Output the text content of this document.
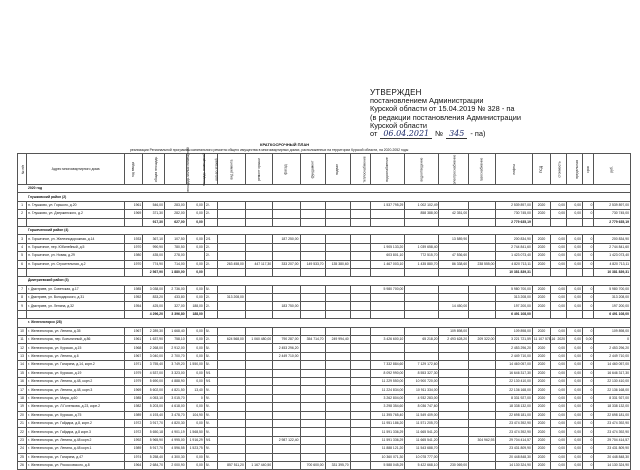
УТВЕРЖДЕН
постановлением Администрации
Курской области от 15.04.2019 № 328 - па
(в редакции постановления Администрации
Курской области
от 06.04.2021 № 345 - па)
КРАТКОСРОЧНЫЙ ПЛАН
реализации Региональной программы капитального ремонта общего имущества в многоквартирных домах, расположенных на территории Курской области, на 2020-2052 годы
№ п/п	Адрес многоквартирного дома	год ввода	общая площадь	площадь жилых помещений	площадь помещений	кол-во этажей	вид ремонта	ремонт крыши	фасад	фундамент	подвал	теплоснабжение	водоснабжение	водоотведение	электроснабжение	газоснабжение	лифты	ПСД	стоимость	предельная	срок	руб.
2020 год																						
Глушковский район (2)																						
1	п. Глушково, ул. Горького, д.20	1961	546,00	283,00	0,00	2/-							1 537 795,29	1 002 102,49			2 539 897,00	2020	0,00	0,00	0	2 539 897,00
2	п. Глушково, ул. Дзержинского, д.2	1969	371,30	282,00	0,00	2/-								858 388,00	42 351,00		730 745,00	2020	0,00	0,00	0	730 745,00
			917,30	627,00	0,00												2 779 635,19					2 779 635,19
Горшеченский район (4)																						
3	п. Горшечное, ул. Железнодорожная, д.14	1933	367,10	107,50	0,00	2/1			187 250,00						13 589,90		200 834,90	2020	0,00	0,00	0	200 834,90
4	п. Горшечное, пер. Юбилейный, д.5	1970	990,90	780,50	0,00	2/-							1 905 133,20	1 039 658,40			2 744 841,60	2020	0,00	0,00	0	2 744 841,60
5	п. Горшечное, ул. Новая, д.29	1980	435,00	278,00		2/-							603 801,10	772 515,70	47 536,60		1 423 073,40	2020	0,00	0,00	0	1 423 073,40
6	п. Горшечное, ул. Строительная, д.2	1970	774,90	714,00	0,00	2/-	263 458,00	447 117,30	333 207,00	149 533,70	135 380,60		1 467 003,10	1 435 880,70	86 338,60	238 555,00	4 820 713,11	2020	0,00	0,00	0	4 820 713,11
			2 567,90	1 880,00	0,00												10 381 839,31					10 381 839,31
Дмитриевский район (3)																						
7	г. Дмитриев, ул. Советская, д.17	1985	3 038,00	2 736,00	0,00	5/-							5 980 700,00				5 980 700,00	2020	0,00	0,00	0	5 980 700,00
8	г. Дмитриев, ул. Володарского, д.31	1952	833,20	433,80	0,00	2/-	313 208,00										313 208,00	2020	0,00	0,00	0	313 208,00
9	г. Дмитриев, ул. Ленина, д.32	1954	425,00	327,00	188,00	2/-			183 750,00						14 450,00		197 200,00	2020	0,00	0,00	0	197 200,00
			4 296,20	3 396,80	188,00												6 491 108,00					6 491 108,00
г. Железногорск (28)																						
10	г. Железногорск, ул. Ленина, д.35	1967	2 289,30	1 668,40	0,00	5/-									109 898,00		109 898,00	2020	0,00	0,00	0	109 898,00
11	г. Железногорск, пер. Больничный, д.86	1961	1 637,90	758,10	0,00	2/-	624 568,00	1 060 480,00	790 287,00	354 714,70	249 994,40		3 426 600,10	65 218,20	2 493 628,20	209 322,00	3 221 721,59	11 107 578,16	2020	0,00	0,00	0
12	г. Железногорск, ул. Курская, д.15	1968	2 268,00	2 912,00	0,00	5/-			2 453 296,20								2 453 296,20	2020	0,00	0,00	0	2 453 296,20
13	г. Железногорск, ул. Ленина, д.6	1967	3 040,00	2 700,70	0,00	5/-			2 449 710,00								2 449 710,00	2020	0,00	0,00	0	2 449 710,00
14	г. Железногорск, ул. Гагарина, д.14, корп.2	1971	3 755,40	3 749,20	1 550,00	5/-							7 332 884,60	7 129 172,60			14 460 057,00	2020	0,00	0,00	0	14 460 057,00
15	г. Железногорск, ул. Курская, д.19	1979	4 537,00	3 323,00	0,00	9/1							8 092 990,00	8 553 327,30			16 646 317,30	2020	0,00	0,00	0	16 646 317,30
16	г. Железногорск, ул. Ленина, д.48, корп.2	1979	5 690,00	4 888,90	0,00	9/1							11 229 550,00	10 900 720,00			22 130 410,00	2020	0,00	0,00	0	22 130 410,00
17	г. Железногорск, ул. Ленина, д.48, корп.3	1969	5 602,00	4 821,50	13,40	9/-							11 224 834,00	10 911 334,00			22 136 168,00	2020	0,00	0,00	0	22 136 168,00
18	г. Железногорск, ул. Мира, д.60	1985	4 053,10	3 015,70	0	9/-							3 262 804,00	4 932 283,00			8 331 927,00	2020	0,00	0,00	0	8 331 927,00
19	г. Железногорск, ул. Л.Голенкова, д.23, корп.2	1982	5 203,00	4 618,00	0,00	9/-							3 298 354,60	8 036 747,60			18 338 132,00	2020	0,00	0,00	0	18 338 132,00
20	г. Железногорск, ул. Курская, д.75	1989	4 193,40	3 478,70	104,90	9/-							11 395 765,40	11 549 409,00			22 698 181,00	2020	0,00	0,00	0	22 698 181,00
21	г. Железногорск, ул. Гайдара, д.8, корп.2	1972	3 917,70	4 820,30	0,00	9/-							11 951 186,20	11 571 205,70			23 474 392,90	2020	0,00	0,00	0	23 474 392,90
22	г. Железногорск, ул. Гайдара, д.8 корп.3	1972	5 650,18	4 901,19	1 568,50	9/-							11 591 336,29	11 665 541,20			23 474 392,90	2020	0,00	0,00	0	23 474 392,90
23	г. Железногорск, ул. Ленина, д.48 корп.2	1992	5 965,90	4 995,00	1 916,29	9/1			2 987 122,40				11 591 336,29	11 665 541,20		304 962,93	29 704 414,57	2020	0,00	0,00	0	29 704 414,57
24	г. Железногорск, ул. Ленина, д.48 корп.1	1989	5 917,70	4 596,55	1 523,75	9/-							11 888 121,20	11 543 688,70			23 431 809,90	2020	0,00	0,00	0	23 431 809,90
25	г. Железногорск, ул. Гагарина, д.47	1974	5 258,40	4 300,30	0,00	9/-							10 360 071,30	10 078 777,00			20 448 848,30	2020	0,00	0,00	0	20 448 848,30
26	г. Железногорск, ул. Рокоссовского, д.8	1964	2 684,70	2 000,90	0,00	5/-	857 511,20	1 167 440,50		700 600,00	331 395,70		5 588 045,29	5 422 668,10	230 069,00		14 130 324,90	2020	0,00	0,00	0	14 130 324,90
